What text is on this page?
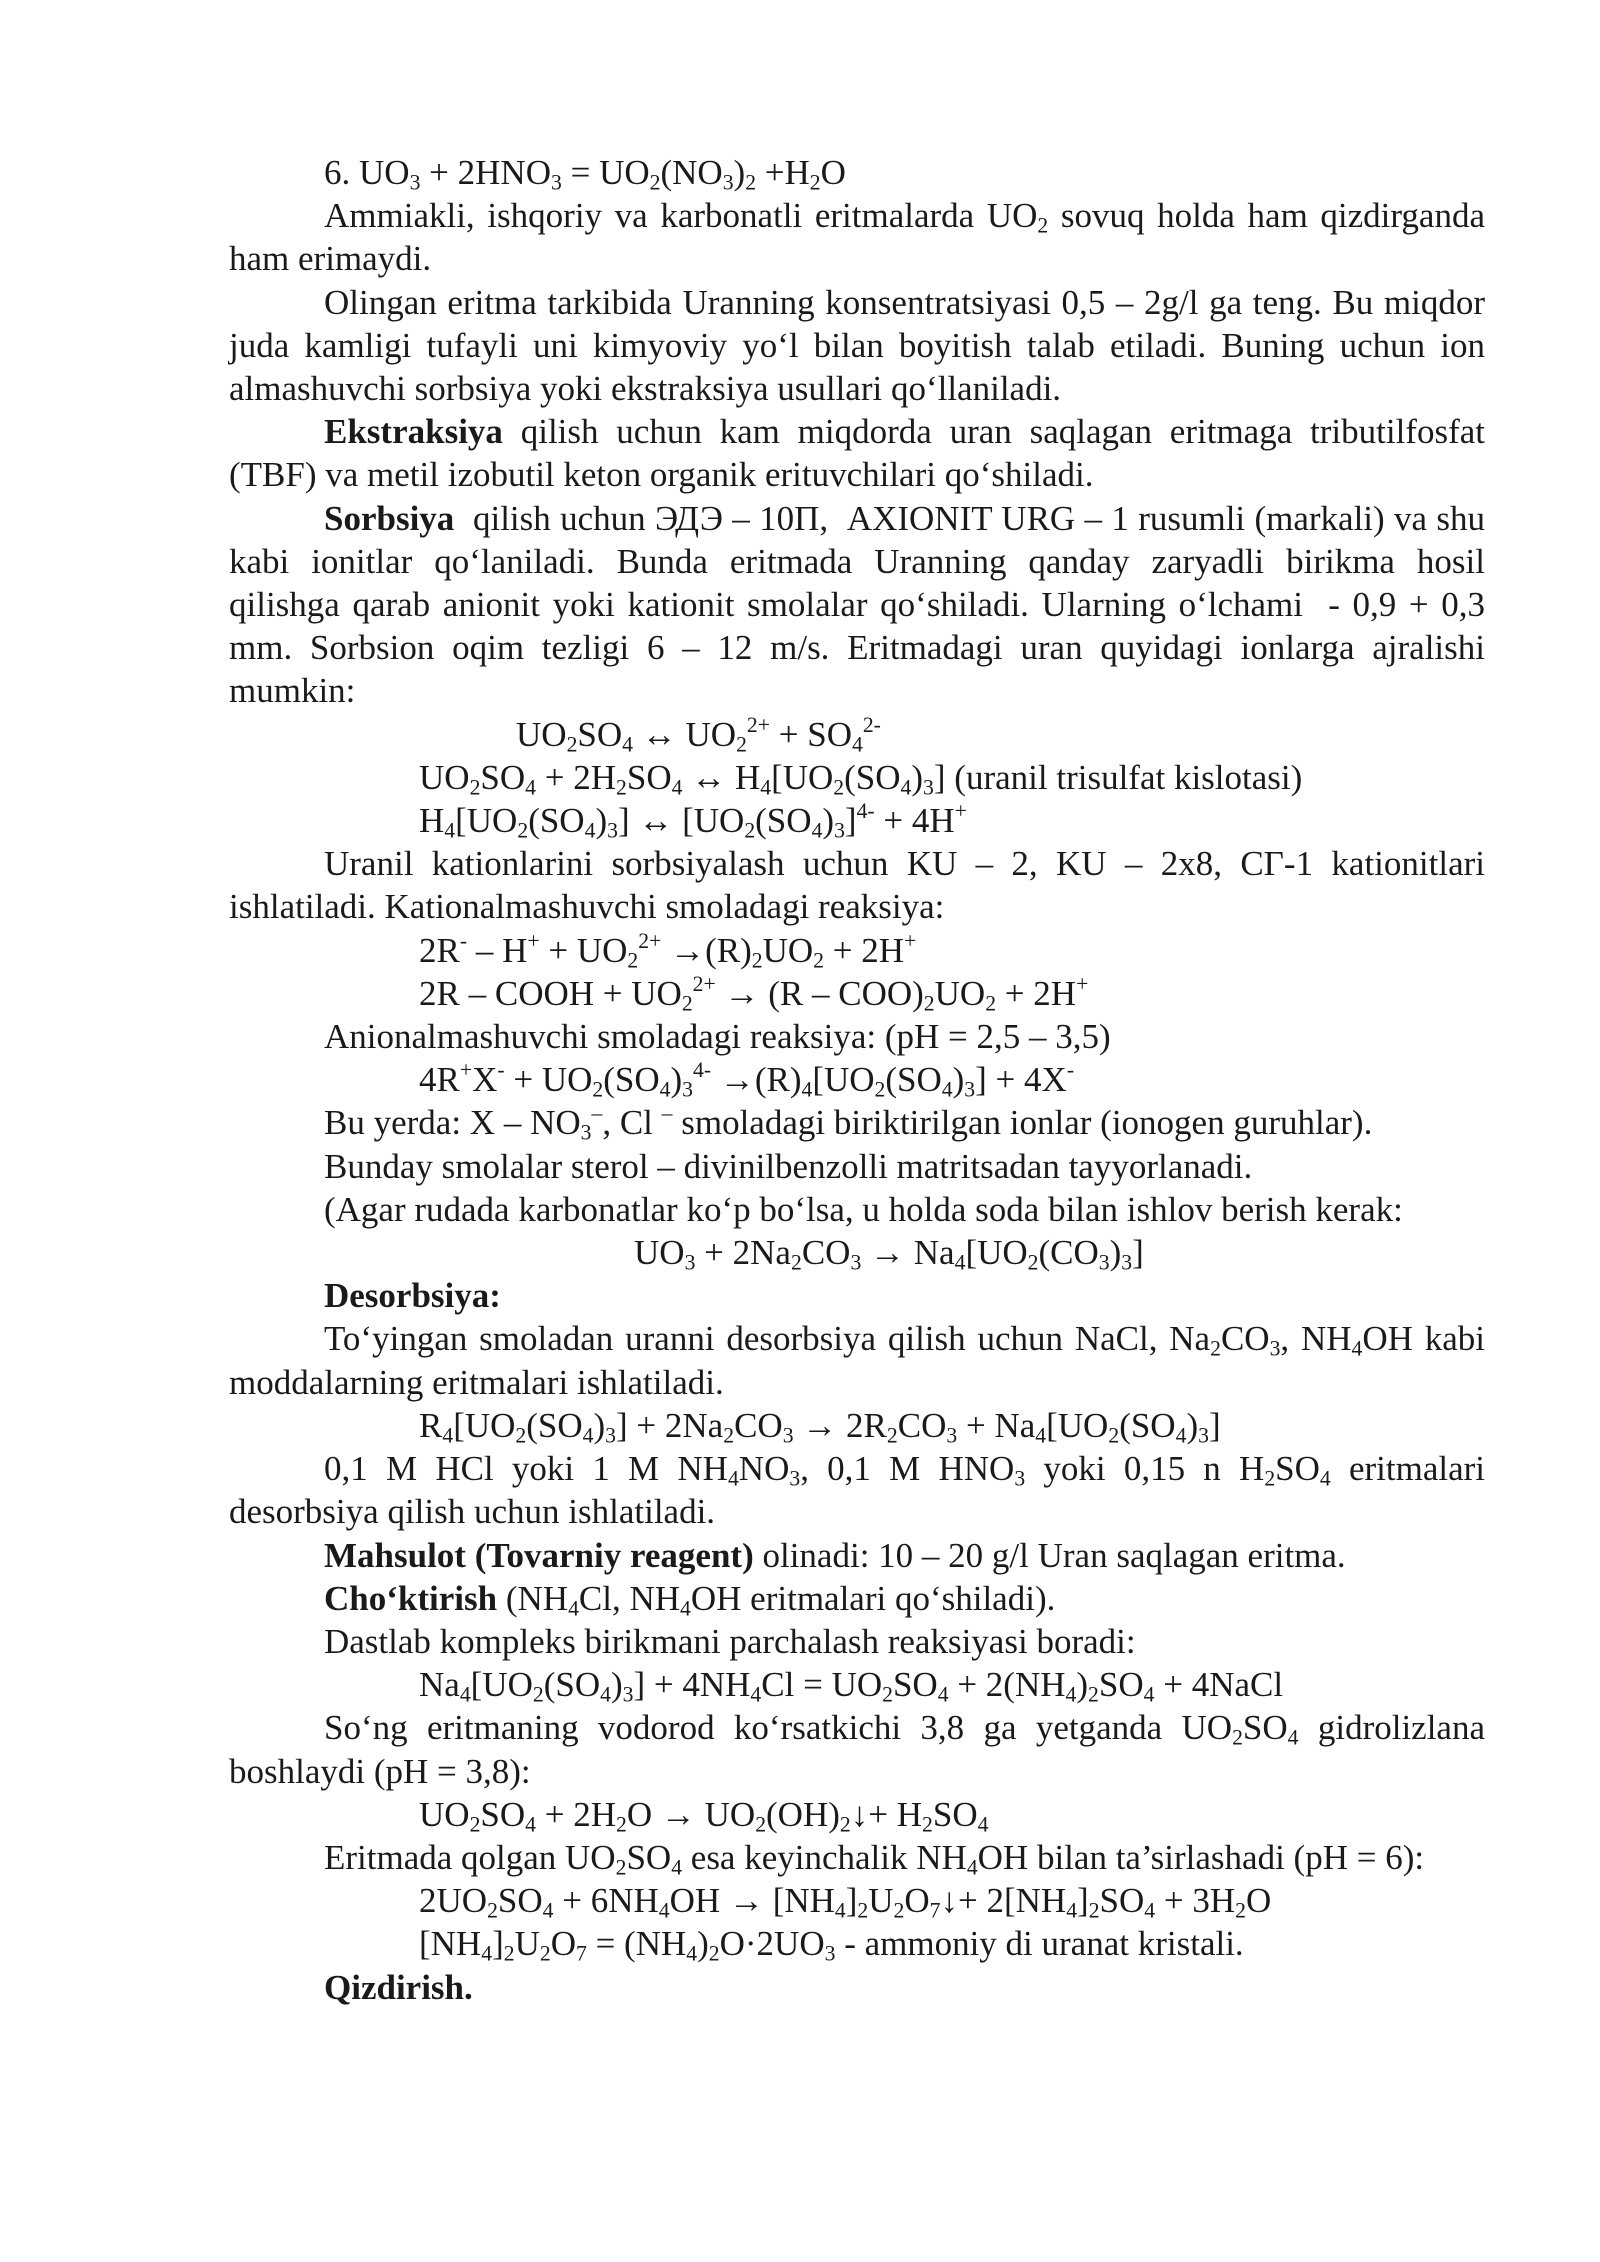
6. $UO_3 + 2HNO_3 = UO_2(NO_3)_2 +H_2O$

Ammiakli, ishqoriy va karbonatli eritmalarda $UO_2$ sovuq holda ham qizdirganda ham erimaydi.

Olingan eritma tarkibida Uranning konsentratsiyasi 0,5 – 2g/l ga teng. Bu miqdor juda kamligi tufayli uni kimyoviy yo‘l bilan boyitish talab etiladi. Buning uchun ion almashuvchi sorbsiya yoki ekstraksiya usullari qo‘llaniladi.

Ekstraksiya qilish uchun kam miqdorda uran saqlagan eritmaga tributilfosfat (TBF) va metil izobutil keton organik erituvchilari qo‘shiladi.

Sorbsiya  qilish uchun ЭДЭ – 10П,  AXIONIT URG – 1 rusumli (markali) va shu kabi ionitlar qo‘laniladi. Bunda eritmada Uranning qanday zaryadli birikma hosil qilishga qarab anionit yoki kationit smolalar qo‘shiladi. Ularning o‘lchami  - 0,9 + 0,3 mm. Sorbsion oqim tezligi 6 – 12 m/s. Eritmadagi uran quyidagi ionlarga ajralishi mumkin:

$UO_2SO_4$ ↔ $UO_2^{2+} + SO_4^{2-}$

$UO_2SO_4 + 2H_2SO_4$ ↔ $H_4[UO_2(SO_4)_3]$ (uranil trisulfat kislotasi)

$H_4[UO_2(SO_4)_3]$ ↔ $[UO_2(SO_4)_3]^{4-} + 4H^+$

Uranil kationlarini sorbsiyalash uchun KU – 2, KU – 2x8, CГ-1 kationitlari ishlatiladi. Kationalmashuvchi smoladagi reaksiya:

$2R^- - H^+ + UO_2^{2+} \to(R)_2UO_2 + 2H^+$

2R – COOH + $UO_2^{2+} \to (R - COO)_2UO_2 + 2H^+$

Anionalmashuvchi smoladagi reaksiya: (pH = 2,5 – 3,5)

$4R^+X^- + UO_2(SO_4)_3^{4-} \to(R)_4[UO_2(SO_4)_3] + 4X^-$

Bu yerda: X – $NO_3^-$, Cl – smoladagi biriktirilgan ionlar (ionogen guruhlar).

Bunday smolalar sterol – divinilbenzolli matritsadan tayyorlanadi.

(Agar rudada karbonatlar ko‘p bo‘lsa, u holda soda bilan ishlov berish kerak:

$UO_3 + 2Na_2CO_3 \to Na_4[UO_2(CO_3)_3]$

Desorbsiya:

To‘yingan smoladan uranni desorbsiya qilish uchun NaCl, $Na_2CO_3$, $NH_4OH$ kabi moddalarning eritmalari ishlatiladi.

$R_4[UO_2(SO_4)_3] + 2Na_2CO_3 \to 2R_2CO_3 + Na_4[UO_2(SO_4)_3]$

0,1 M HCl yoki 1 M $NH_4NO_3$, 0,1 M $HNO_3$ yoki 0,15 n $H_2SO_4$ eritmalari desorbsiya qilish uchun ishlatiladi.

Mahsulot (Tovarniy reagent) olinadi: 10 – 20 g/l Uran saqlagan eritma.

Cho‘ktirish ($NH_4Cl$, $NH_4OH$ eritmalari qo‘shiladi).

Dastlab kompleks birikmani parchalash reaksiyasi boradi:

$Na_4[UO_2(SO_4)_3] + 4NH_4Cl = UO_2SO_4 + 2(NH_4)_2SO_4$ + 4NaCl

So‘ng eritmaning vodorod ko‘rsatkichi 3,8 ga yetganda $UO_2SO_4$ gidrolizlana boshlaydi (pH = 3,8):

$UO_2SO_4 + 2H_2O$ → $UO_2(OH)_2↓+ H_2SO_4$

Eritmada qolgan $UO_2SO_4$ esa keyinchalik $NH_4OH$ bilan ta’sirlashadi (pH = 6):

$2UO_2SO_4 + 6NH_4OH$ → $[NH_4]_2U_2O_7↓+ 2[NH_4]_2SO_4 + 3H_2O$

$[NH_4]_2U_2O_7 = (NH_4)_2O\cdot 2UO_3$ - ammoniy di uranat kristali.

Qizdirish.
